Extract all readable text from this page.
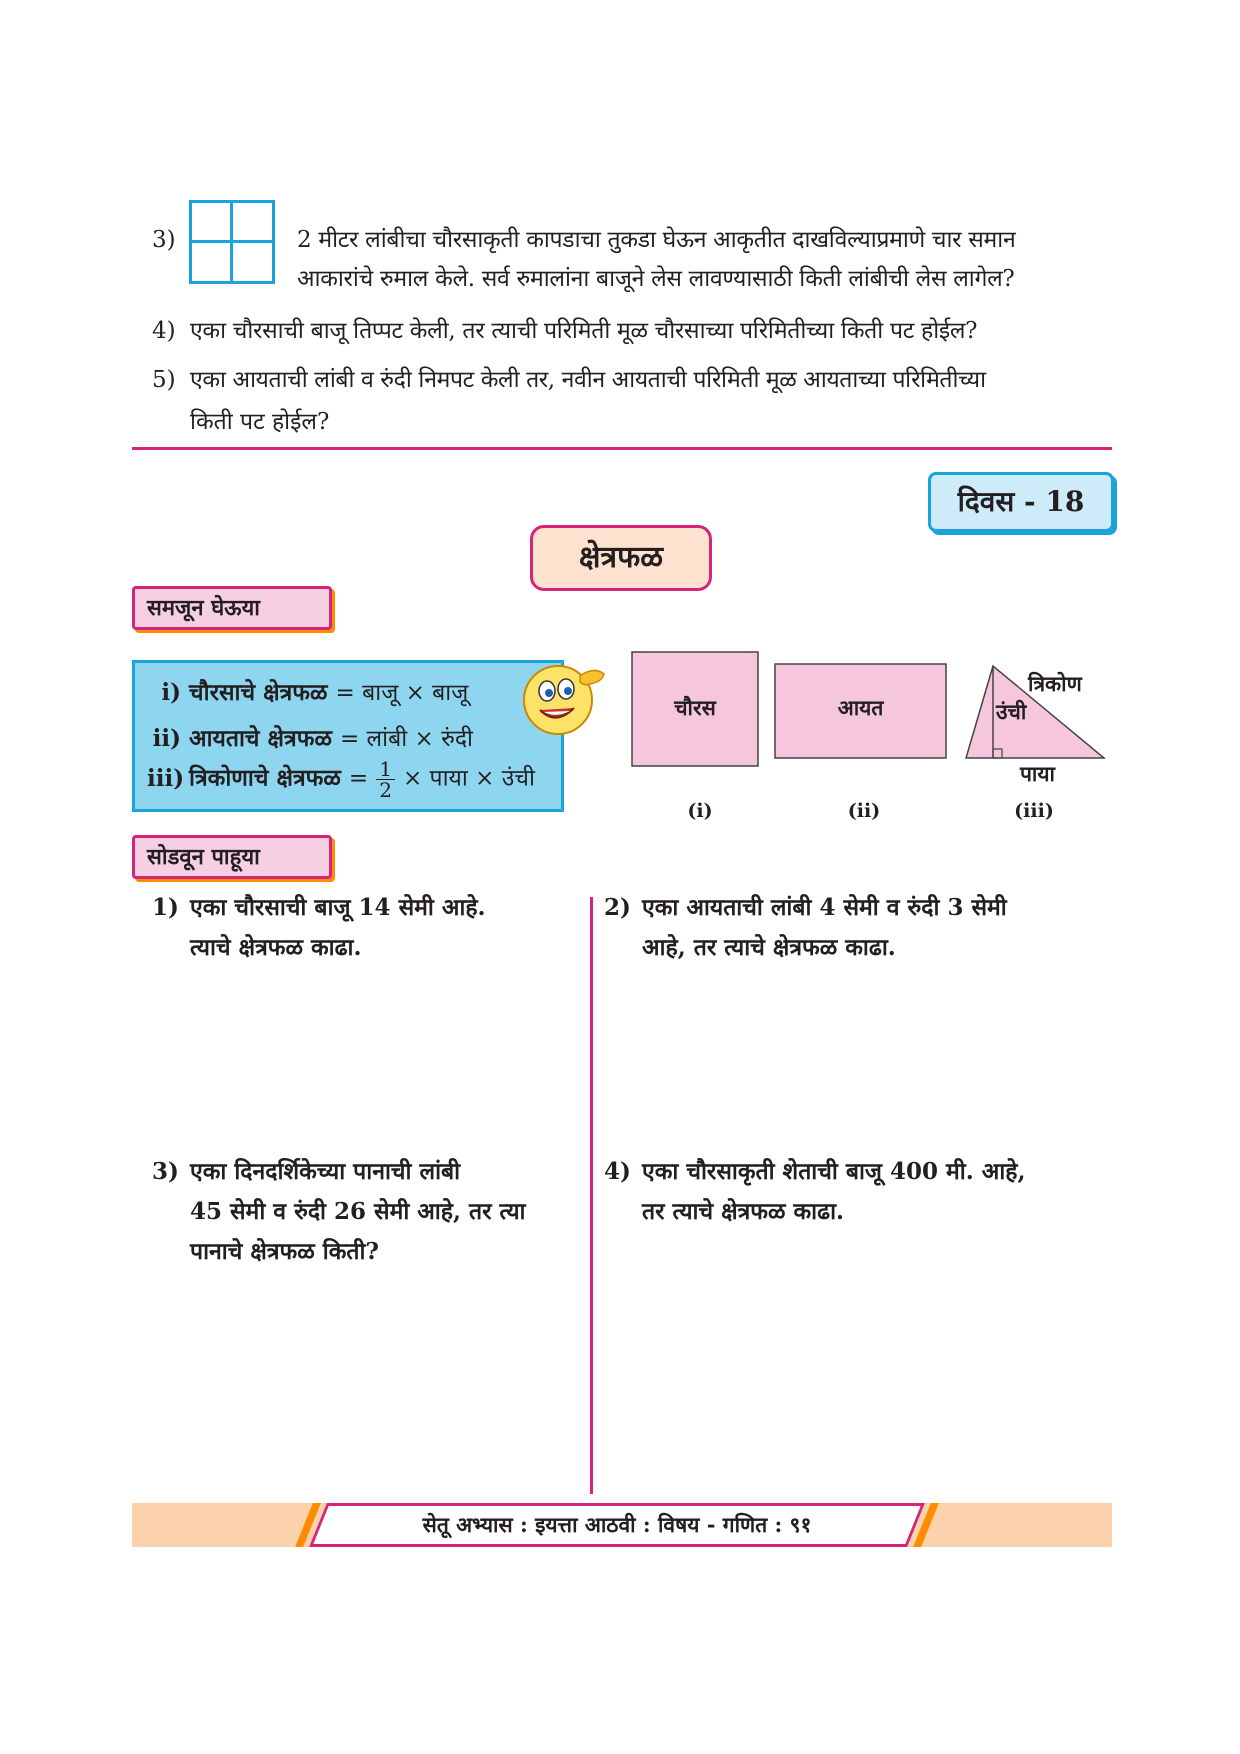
3)	2 मीटर लांबीचा चौरसाकृती कापडाचा तुकडा घेऊन आकृतीत दाखविल्याप्रमाणे चार समान
आकारांचे रुमाल केले. सर्व रुमालांना बाजूने लेस लावण्यासाठी किती लांबीची लेस लागेल?
4) एका चौरसाची बाजू तिप्पट केली, तर त्याची परिमिती मूळ चौरसाच्या परिमितीच्या किती पट होईल?
5) एका आयताची लांबी व रुंदी निमपट केली तर, नवीन आयताची परिमिती मूळ आयताच्या परिमितीच्या
किती पट होईल?
दिवस - 18
क्षेत्रफळ
समजून घेऊया
i) चौरसाचे क्षेत्रफळ = बाजू × बाजू
ii) आयताचे क्षेत्रफळ = लांबी × रुंदी
iii) त्रिकोणाचे क्षेत्रफळ = $\frac{1}{2}$ × पाया × उंची
चौरस	आयत
त्रिकोण
उंची
पाया
(i)	(ii)	(iii)
सोडवून पाहूया
1) एका चौरसाची बाजू 14 सेमी आहे.
त्याचे क्षेत्रफळ काढा.
2) एका आयताची लांबी 4 सेमी व रुंदी 3 सेमी
आहे, तर त्याचे क्षेत्रफळ काढा.
3) एका दिनदर्शिकेच्या पानाची लांबी
45 सेमी व रुंदी 26 सेमी आहे, तर त्या
पानाचे क्षेत्रफळ किती?
4) एका चौरसाकृती शेताची बाजू 400 मी. आहे,
तर त्याचे क्षेत्रफळ काढा.
सेतू अभ्यास : इयत्ता आठवी : विषय - गणित : ९१
